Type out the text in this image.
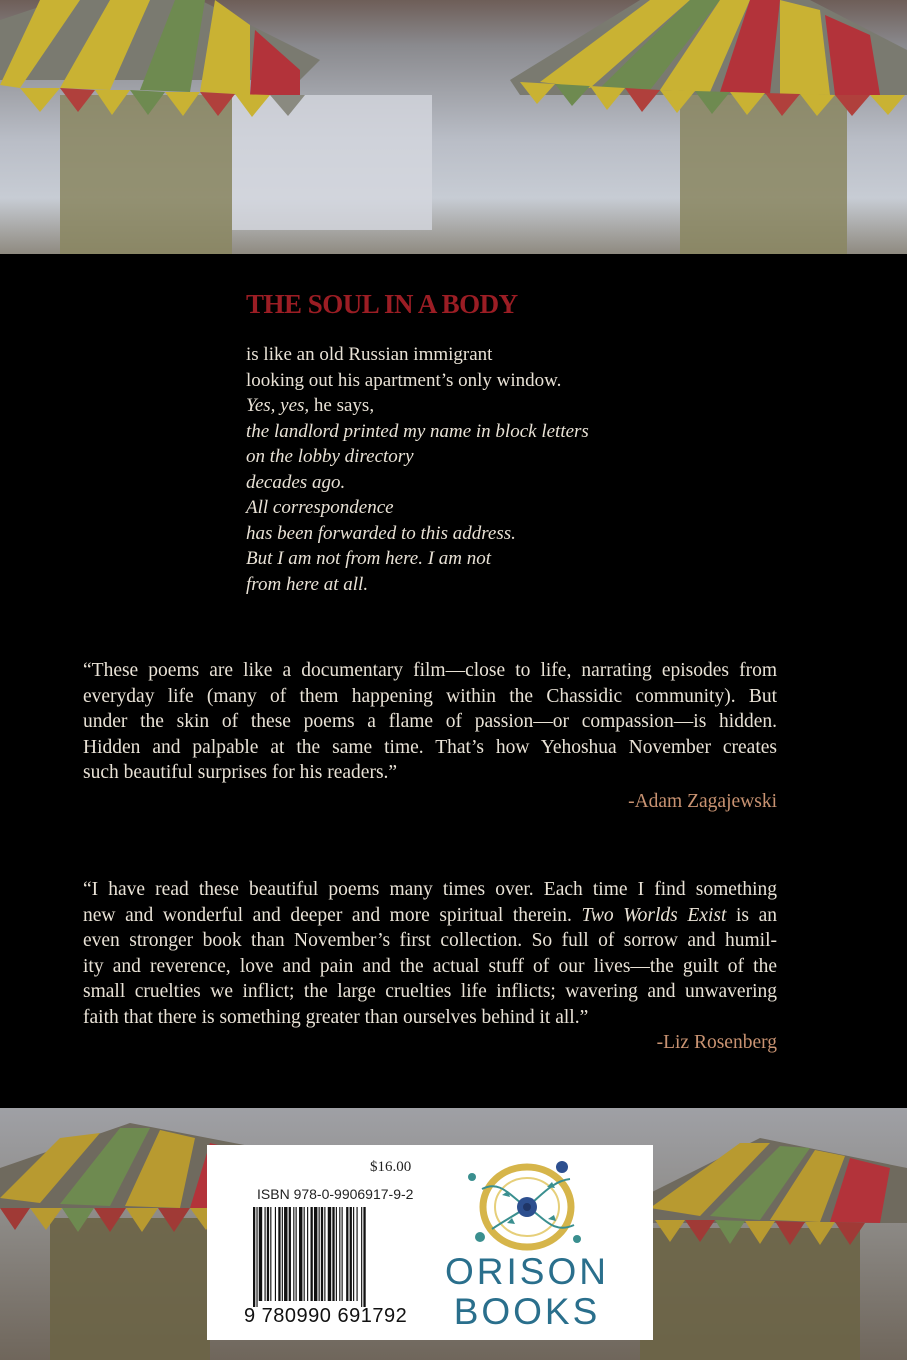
THE SOUL IN A BODY
is like an old Russian immigrant
looking out his apartment’s only window.
Yes, yes, he says,
the landlord printed my name in block letters
on the lobby directory
decades ago.
All correspondence
has been forwarded to this address.
But I am not from here. I am not
from here at all.
“These poems are like a documentary film—close to life, narrating episodes from
everyday life (many of them happening within the Chassidic community). But
under the skin of these poems a flame of passion—or compassion—is hidden.
Hidden and palpable at the same time. That’s how Yehoshua November creates
such beautiful surprises for his readers.”
-Adam Zagajewski
“I have read these beautiful poems many times over. Each time I find something
new and wonderful and deeper and more spiritual therein. Two Worlds Exist is an
even stronger book than November’s first collection. So full of sorrow and humil-
ity and reverence, love and pain and the actual stuff of our lives—the guilt of the
small cruelties we inflict; the large cruelties life inflicts; wavering and unwavering
faith that there is something greater than ourselves behind it all.”
-Liz Rosenberg
$16.00
ISBN 978-0-9906917-9-2
9 780990 691792
ORISON
BOOKS
